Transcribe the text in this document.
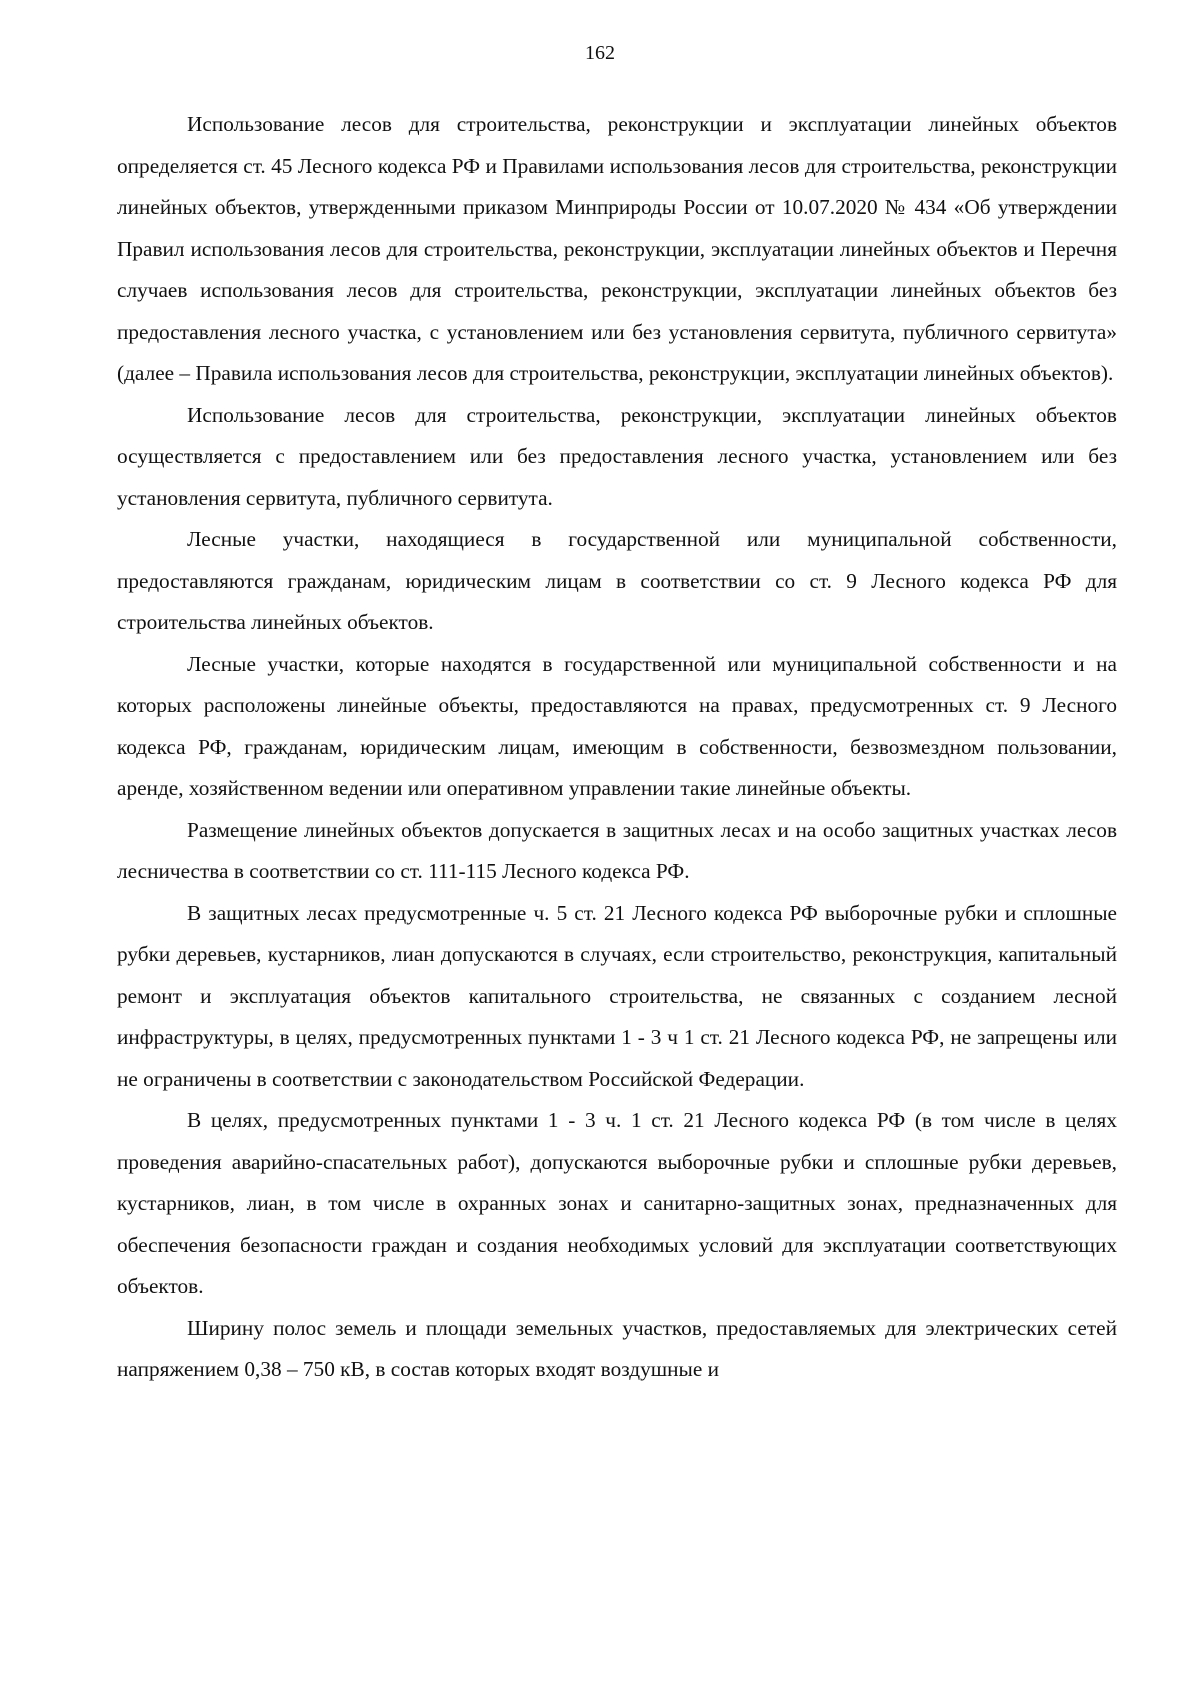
162

Использование лесов для строительства, реконструкции и эксплуатации линейных объектов определяется ст. 45 Лесного кодекса РФ и Правилами использования лесов для строительства, реконструкции линейных объектов, утвержденными приказом Минприроды России от 10.07.2020 № 434 «Об утверждении Правил использования лесов для строительства, реконструкции, эксплуатации линейных объектов и Перечня случаев использования лесов для строительства, реконструкции, эксплуатации линейных объектов без предоставления лесного участка, с установлением или без установления сервитута, публичного сервитута» (далее – Правила использования лесов для строительства, реконструкции, эксплуатации линейных объектов).

Использование лесов для строительства, реконструкции, эксплуатации линейных объектов осуществляется с предоставлением или без предоставления лесного участка, установлением или без установления сервитута, публичного сервитута.

Лесные участки, находящиеся в государственной или муниципальной собственности, предоставляются гражданам, юридическим лицам в соответствии со ст. 9 Лесного кодекса РФ для строительства линейных объектов.

Лесные участки, которые находятся в государственной или муниципальной собственности и на которых расположены линейные объекты, предоставляются на правах, предусмотренных ст. 9 Лесного кодекса РФ, гражданам, юридическим лицам, имеющим в собственности, безвозмездном пользовании, аренде, хозяйственном ведении или оперативном управлении такие линейные объекты.

Размещение линейных объектов допускается в защитных лесах и на особо защитных участках лесов лесничества в соответствии со ст. 111-115 Лесного кодекса РФ.

В защитных лесах предусмотренные ч. 5 ст. 21 Лесного кодекса РФ выборочные рубки и сплошные рубки деревьев, кустарников, лиан допускаются в случаях, если строительство, реконструкция, капитальный ремонт и эксплуатация объектов капитального строительства, не связанных с созданием лесной инфраструктуры, в целях, предусмотренных пунктами 1 - 3 ч 1 ст. 21 Лесного кодекса РФ, не запрещены или не ограничены в соответствии с законодательством Российской Федерации.

В целях, предусмотренных пунктами 1 - 3 ч. 1 ст. 21 Лесного кодекса РФ (в том числе в целях проведения аварийно-спасательных работ), допускаются выборочные рубки и сплошные рубки деревьев, кустарников, лиан, в том числе в охранных зонах и санитарно-защитных зонах, предназначенных для обеспечения безопасности граждан и создания необходимых условий для эксплуатации соответствующих объектов.

Ширину полос земель и площади земельных участков, предоставляемых для электрических сетей напряжением 0,38 – 750 кВ, в состав которых входят воздушные и
